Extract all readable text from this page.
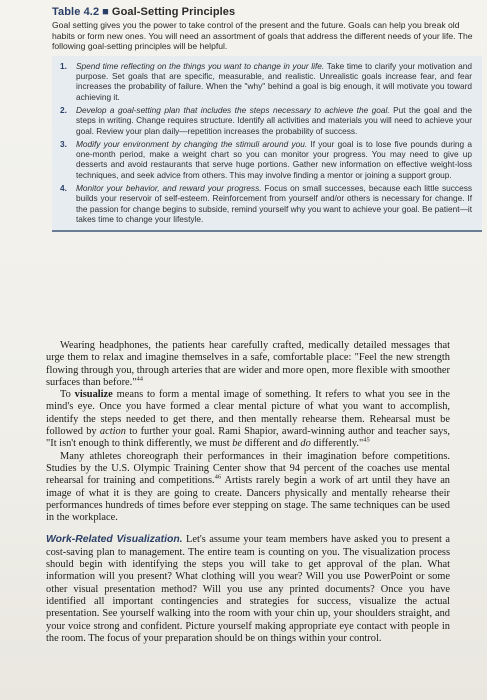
Table 4.2 ■ Goal-Setting Principles

Goal setting gives you the power to take control of the present and the future. Goals can help you break old habits or form new ones. You will need an assortment of goals that address the different needs of your life. The following goal-setting principles will be helpful.

1.	Spend time reflecting on the things you want to change in your life. Take time to clarify your motivation and purpose. Set goals that are specific, measurable, and realistic. Unrealistic goals increase fear, and fear increases the probability of failure. When the "why" behind a goal is big enough, it will motivate you toward achieving it.
2.	Develop a goal-setting plan that includes the steps necessary to achieve the goal. Put the goal and the steps in writing. Change requires structure. Identify all activities and materials you will need to achieve your goal. Review your plan daily—repetition increases the probability of success.
3.	Modify your environment by changing the stimuli around you. If your goal is to lose five pounds during a one-month period, make a weight chart so you can monitor your progress. You may need to give up desserts and avoid restaurants that serve huge portions. Gather new information on effective weight-loss techniques, and seek advice from others. This may involve finding a mentor or joining a support group.
4.	Monitor your behavior, and reward your progress. Focus on small successes, because each little success builds your reservoir of self-esteem. Reinforcement from yourself and/or others is necessary for change. If the passion for change begins to subside, remind yourself why you want to achieve your goal. Be patient—it takes time to change your lifestyle.

Wearing headphones, the patients hear carefully crafted, medically detailed messages that urge them to relax and imagine themselves in a safe, comfortable place: "Feel the new strength flowing through you, through arteries that are wider and more open, more flexible with smoother surfaces than before."$^{44}$

To visualize means to form a mental image of something. It refers to what you see in the mind's eye. Once you have formed a clear mental picture of what you want to accomplish, identify the steps needed to get there, and then mentally rehearse them. Rehearsal must be followed by action to further your goal. Rami Shapior, award-winning author and teacher says, "It isn't enough to think differently, we must be different and do differently."$^{45}$

Many athletes choreograph their performances in their imagination before competitions. Studies by the U.S. Olympic Training Center show that 94 percent of the coaches use mental rehearsal for training and competitions.$^{46}$ Artists rarely begin a work of art until they have an image of what it is they are going to create. Dancers physically and mentally rehearse their performances hundreds of times before ever stepping on stage. The same techniques can be used in the workplace.

Work-Related Visualization. Let's assume your team members have asked you to present a cost-saving plan to management. The entire team is counting on you. The visualization process should begin with identifying the steps you will take to get approval of the plan. What information will you present? What clothing will you wear? Will you use PowerPoint or some other visual presentation method? Will you use any printed documents? Once you have identified all important contingencies and strategies for success, visualize the actual presentation. See yourself walking into the room with your chin up, your shoulders straight, and your voice strong and confident. Picture yourself making appropriate eye contact with people in the room. The focus of your preparation should be on things within your control.
